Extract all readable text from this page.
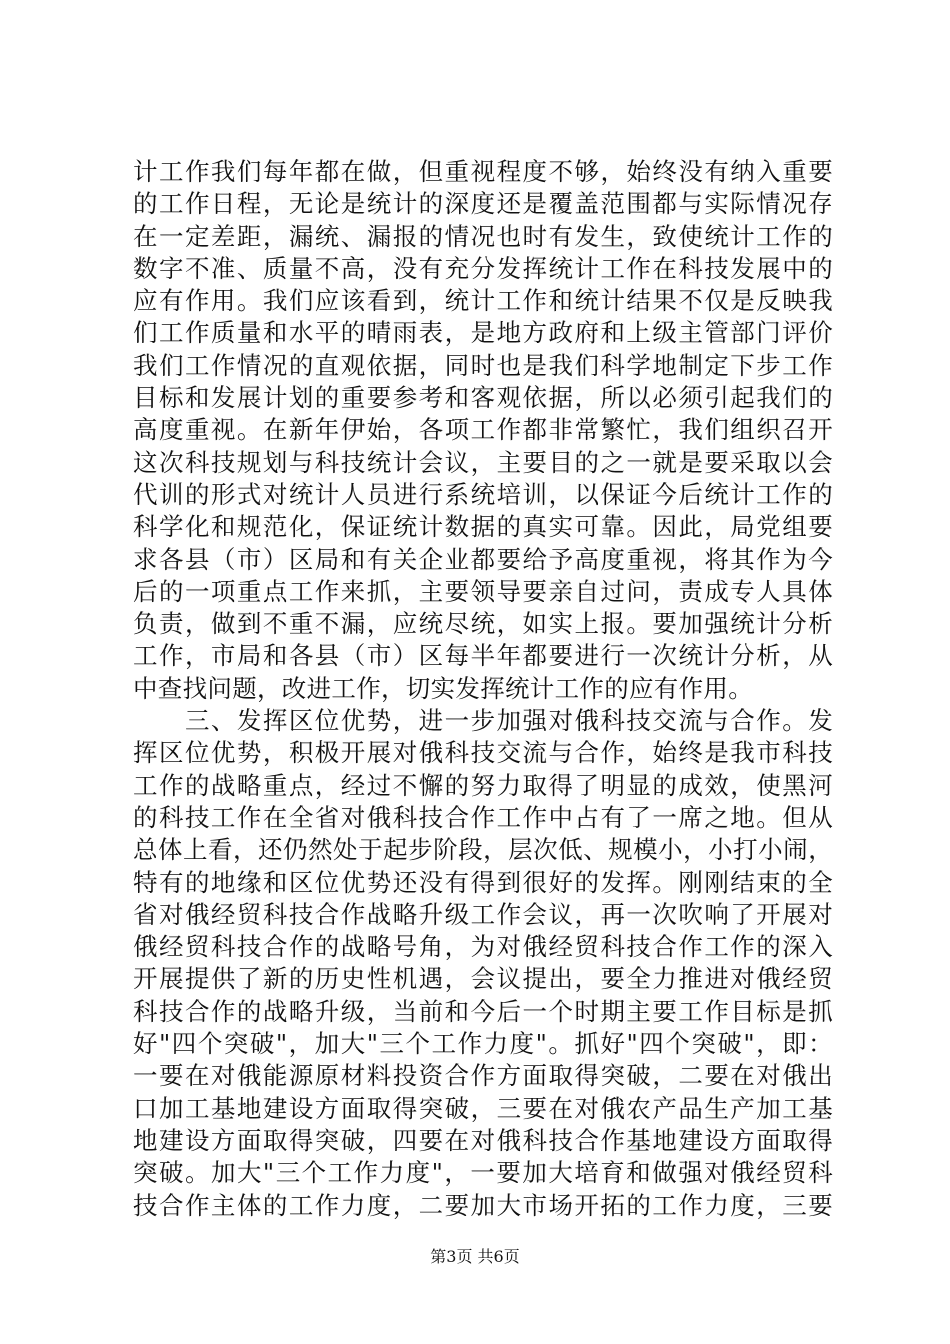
计工作我们每年都在做，但重视程度不够，始终没有纳入重要
的工作日程，无论是统计的深度还是覆盖范围都与实际情况存
在一定差距，漏统、漏报的情况也时有发生，致使统计工作的
数字不准、质量不高，没有充分发挥统计工作在科技发展中的
应有作用。我们应该看到，统计工作和统计结果不仅是反映我
们工作质量和水平的晴雨表，是地方政府和上级主管部门评价
我们工作情况的直观依据，同时也是我们科学地制定下步工作
目标和发展计划的重要参考和客观依据，所以必须引起我们的
高度重视。在新年伊始，各项工作都非常繁忙，我们组织召开
这次科技规划与科技统计会议，主要目的之一就是要采取以会
代训的形式对统计人员进行系统培训，以保证今后统计工作的
科学化和规范化，保证统计数据的真实可靠。因此，局党组要
求各县（市）区局和有关企业都要给予高度重视，将其作为今
后的一项重点工作来抓，主要领导要亲自过问，责成专人具体
负责，做到不重不漏，应统尽统，如实上报。要加强统计分析
工作，市局和各县（市）区每半年都要进行一次统计分析，从
中查找问题，改进工作，切实发挥统计工作的应有作用。
　　三、发挥区位优势，进一步加强对俄科技交流与合作。发
挥区位优势，积极开展对俄科技交流与合作，始终是我市科技
工作的战略重点，经过不懈的努力取得了明显的成效，使黑河
的科技工作在全省对俄科技合作工作中占有了一席之地。但从
总体上看，还仍然处于起步阶段，层次低、规模小，小打小闹，
特有的地缘和区位优势还没有得到很好的发挥。刚刚结束的全
省对俄经贸科技合作战略升级工作会议，再一次吹响了开展对
俄经贸科技合作的战略号角，为对俄经贸科技合作工作的深入
开展提供了新的历史性机遇，会议提出，要全力推进对俄经贸
科技合作的战略升级，当前和今后一个时期主要工作目标是抓
好"四个突破"，加大"三个工作力度"。抓好"四个突破"，即：
一要在对俄能源原材料投资合作方面取得突破，二要在对俄出
口加工基地建设方面取得突破，三要在对俄农产品生产加工基
地建设方面取得突破，四要在对俄科技合作基地建设方面取得
突破。加大"三个工作力度"，一要加大培育和做强对俄经贸科
技合作主体的工作力度，二要加大市场开拓的工作力度，三要
第3页 共6页
